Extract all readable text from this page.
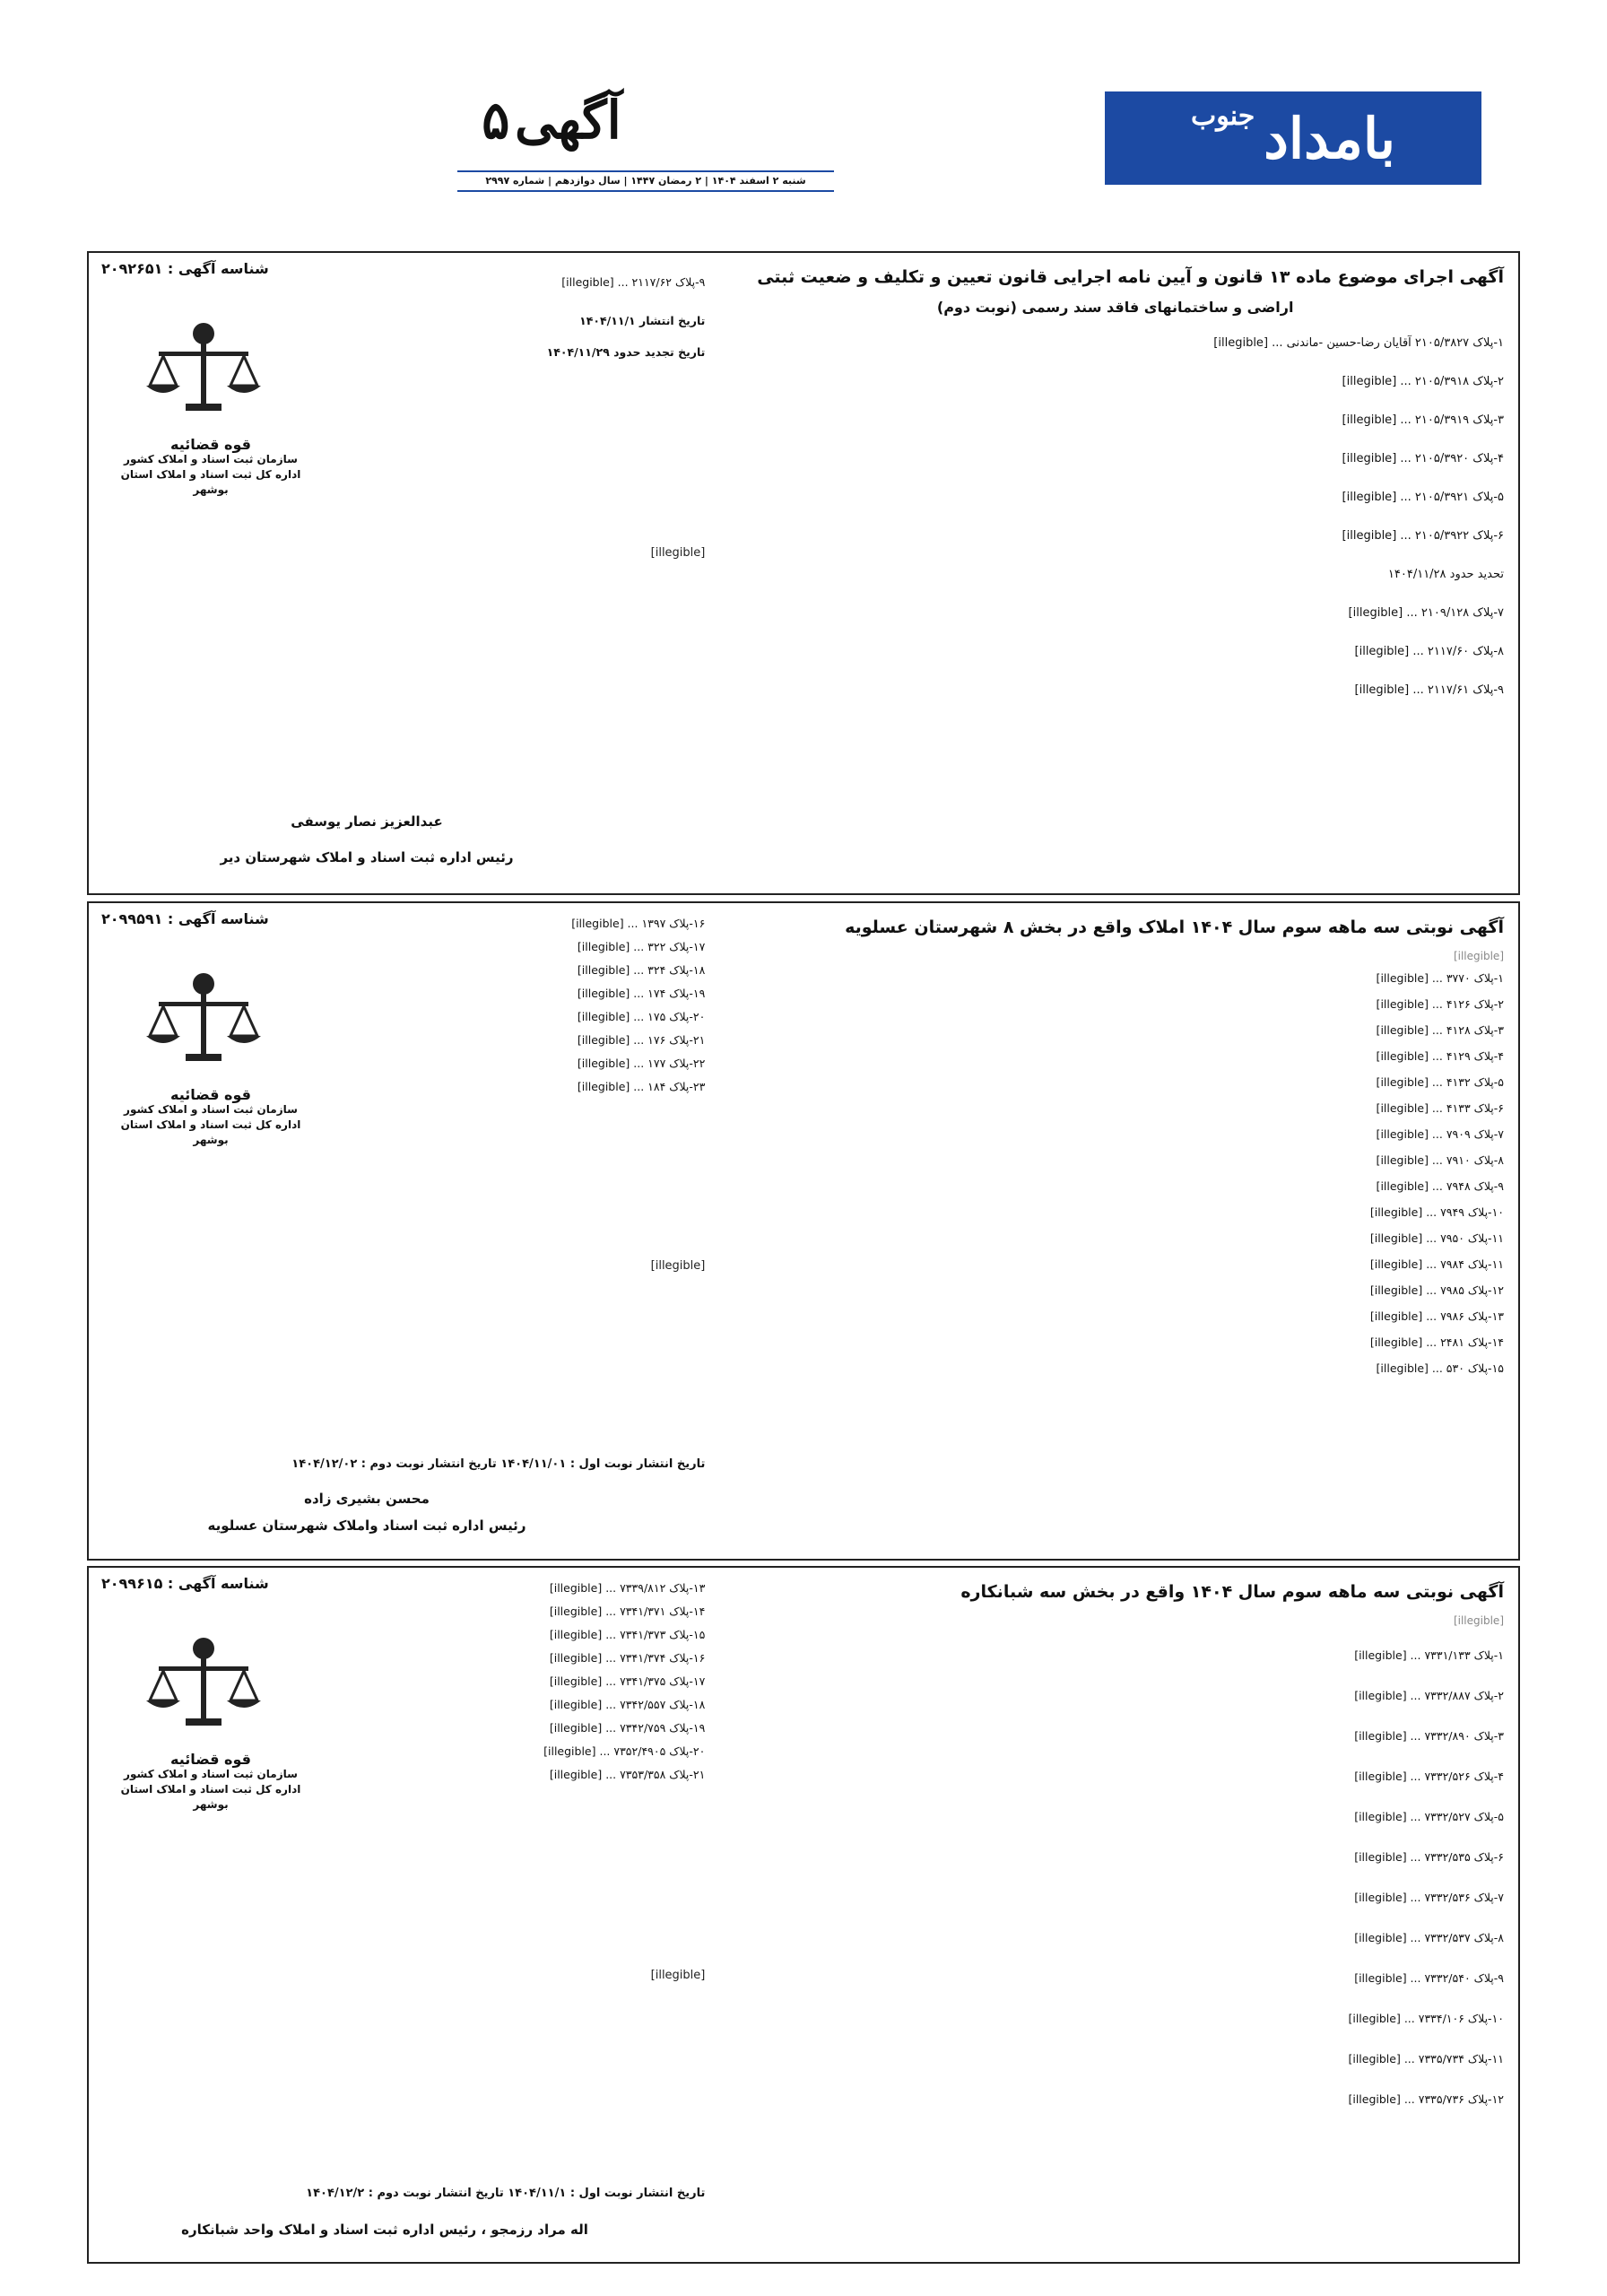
بامداد
جنوب
آگهی ۵
شنبه ۲ اسفند ۱۴۰۴ | ۲ رمضان ۱۴۴۷ | سال دوازدهم | شماره ۲۹۹۷
آگهی اجرای موضوع ماده ۱۳ قانون و آیین نامه اجرایی قانون تعیین و تکلیف و ضعیت ثبتی
اراضی و ساختمانهای فاقد سند رسمی (نوبت دوم)
۱-پلاک ۲۱۰۵/۳۸۲۷ آقایان رضا-حسین -ماندنی ... [illegible]
۲-پلاک ۲۱۰۵/۳۹۱۸ ... [illegible]
۳-پلاک ۲۱۰۵/۳۹۱۹ ... [illegible]
۴-پلاک ۲۱۰۵/۳۹۲۰ ... [illegible]
۵-پلاک ۲۱۰۵/۳۹۲۱ ... [illegible]
۶-پلاک ۲۱۰۵/۳۹۲۲ ... [illegible]
تحدید حدود ۱۴۰۴/۱۱/۲۸
۷-پلاک ۲۱۰۹/۱۲۸ ... [illegible]
۸-پلاک ۲۱۱۷/۶۰ ... [illegible]
۹-پلاک ۲۱۱۷/۶۱ ... [illegible]
شناسه آگهی : ۲۰۹۲۶۵۱
قوه قضائیه
سازمان ثبت اسناد و املاک کشور
اداره کل ثبت اسناد و املاک استان بوشهر
۹-پلاک ۲۱۱۷/۶۲ ... [illegible]
تاریخ انتشار ۱۴۰۴/۱۱/۱
تاریخ تجدید حدود ۱۴۰۴/۱۱/۲۹
[illegible]
عبدالعزیز نصار یوسفی
رئیس اداره ثبت اسناد و املاک شهرستان دیر
آگهی نوبتی سه ماهه سوم سال ۱۴۰۴ املاک واقع در بخش ۸ شهرستان عسلویه
[illegible]
۱-پلاک ۳۷۷۰ ... [illegible]
۲-پلاک ۴۱۲۶ ... [illegible]
۳-پلاک ۴۱۲۸ ... [illegible]
۴-پلاک ۴۱۲۹ ... [illegible]
۵-پلاک ۴۱۳۲ ... [illegible]
۶-پلاک ۴۱۳۳ ... [illegible]
۷-پلاک ۷۹۰۹ ... [illegible]
۸-پلاک ۷۹۱۰ ... [illegible]
۹-پلاک ۷۹۴۸ ... [illegible]
۱۰-پلاک ۷۹۴۹ ... [illegible]
۱۱-پلاک ۷۹۵۰ ... [illegible]
۱۱-پلاک ۷۹۸۴ ... [illegible]
۱۲-پلاک ۷۹۸۵ ... [illegible]
۱۳-پلاک ۷۹۸۶ ... [illegible]
۱۴-پلاک ۲۴۸۱ ... [illegible]
۱۵-پلاک ۵۳۰ ... [illegible]
شناسه آگهی : ۲۰۹۹۵۹۱
قوه قضائیه
سازمان ثبت اسناد و املاک کشور
اداره کل ثبت اسناد و املاک استان بوشهر
۱۶-پلاک ۱۳۹۷ ... [illegible]
۱۷-پلاک ۳۲۲ ... [illegible]
۱۸-پلاک ۳۲۴ ... [illegible]
۱۹-پلاک ۱۷۴ ... [illegible]
۲۰-پلاک ۱۷۵ ... [illegible]
۲۱-پلاک ۱۷۶ ... [illegible]
۲۲-پلاک ۱۷۷ ... [illegible]
۲۳-پلاک ۱۸۴ ... [illegible]
[illegible]
تاریخ انتشار نوبت اول : ۱۴۰۴/۱۱/۰۱ تاریخ انتشار نوبت دوم : ۱۴۰۴/۱۲/۰۲
محسن بشیری زاده
رئیس اداره ثبت اسناد واملاک شهرستان عسلویه
آگهی نوبتی سه ماهه سوم سال ۱۴۰۴ واقع در بخش سه شبانکاره
[illegible]
۱-پلاک ۷۳۳۱/۱۳۳ ... [illegible]
۲-پلاک ۷۳۳۲/۸۸۷ ... [illegible]
۳-پلاک ۷۳۳۲/۸۹۰ ... [illegible]
۴-پلاک ۷۳۳۲/۵۲۶ ... [illegible]
۵-پلاک ۷۳۳۲/۵۲۷ ... [illegible]
۶-پلاک ۷۳۳۲/۵۳۵ ... [illegible]
۷-پلاک ۷۳۳۲/۵۳۶ ... [illegible]
۸-پلاک ۷۳۳۲/۵۳۷ ... [illegible]
۹-پلاک ۷۳۳۲/۵۴۰ ... [illegible]
۱۰-پلاک ۷۳۳۴/۱۰۶ ... [illegible]
۱۱-پلاک ۷۳۳۵/۷۳۴ ... [illegible]
۱۲-پلاک ۷۳۳۵/۷۳۶ ... [illegible]
شناسه آگهی : ۲۰۹۹۶۱۵
قوه قضائیه
سازمان ثبت اسناد و املاک کشور
اداره کل ثبت اسناد و املاک استان بوشهر
۱۳-پلاک ۷۳۳۹/۸۱۲ ... [illegible]
۱۴-پلاک ۷۳۴۱/۳۷۱ ... [illegible]
۱۵-پلاک ۷۳۴۱/۳۷۳ ... [illegible]
۱۶-پلاک ۷۳۴۱/۳۷۴ ... [illegible]
۱۷-پلاک ۷۳۴۱/۳۷۵ ... [illegible]
۱۸-پلاک ۷۳۴۲/۵۵۷ ... [illegible]
۱۹-پلاک ۷۳۴۲/۷۵۹ ... [illegible]
۲۰-پلاک ۷۳۵۲/۴۹۰۵ ... [illegible]
۲۱-پلاک ۷۳۵۳/۳۵۸ ... [illegible]
[illegible]
تاریخ انتشار نوبت اول : ۱۴۰۴/۱۱/۱ تاریخ انتشار نوبت دوم : ۱۴۰۴/۱۲/۲
اله مراد رزمجو ، رئیس اداره ثبت اسناد و املاک واحد شبانکاره
